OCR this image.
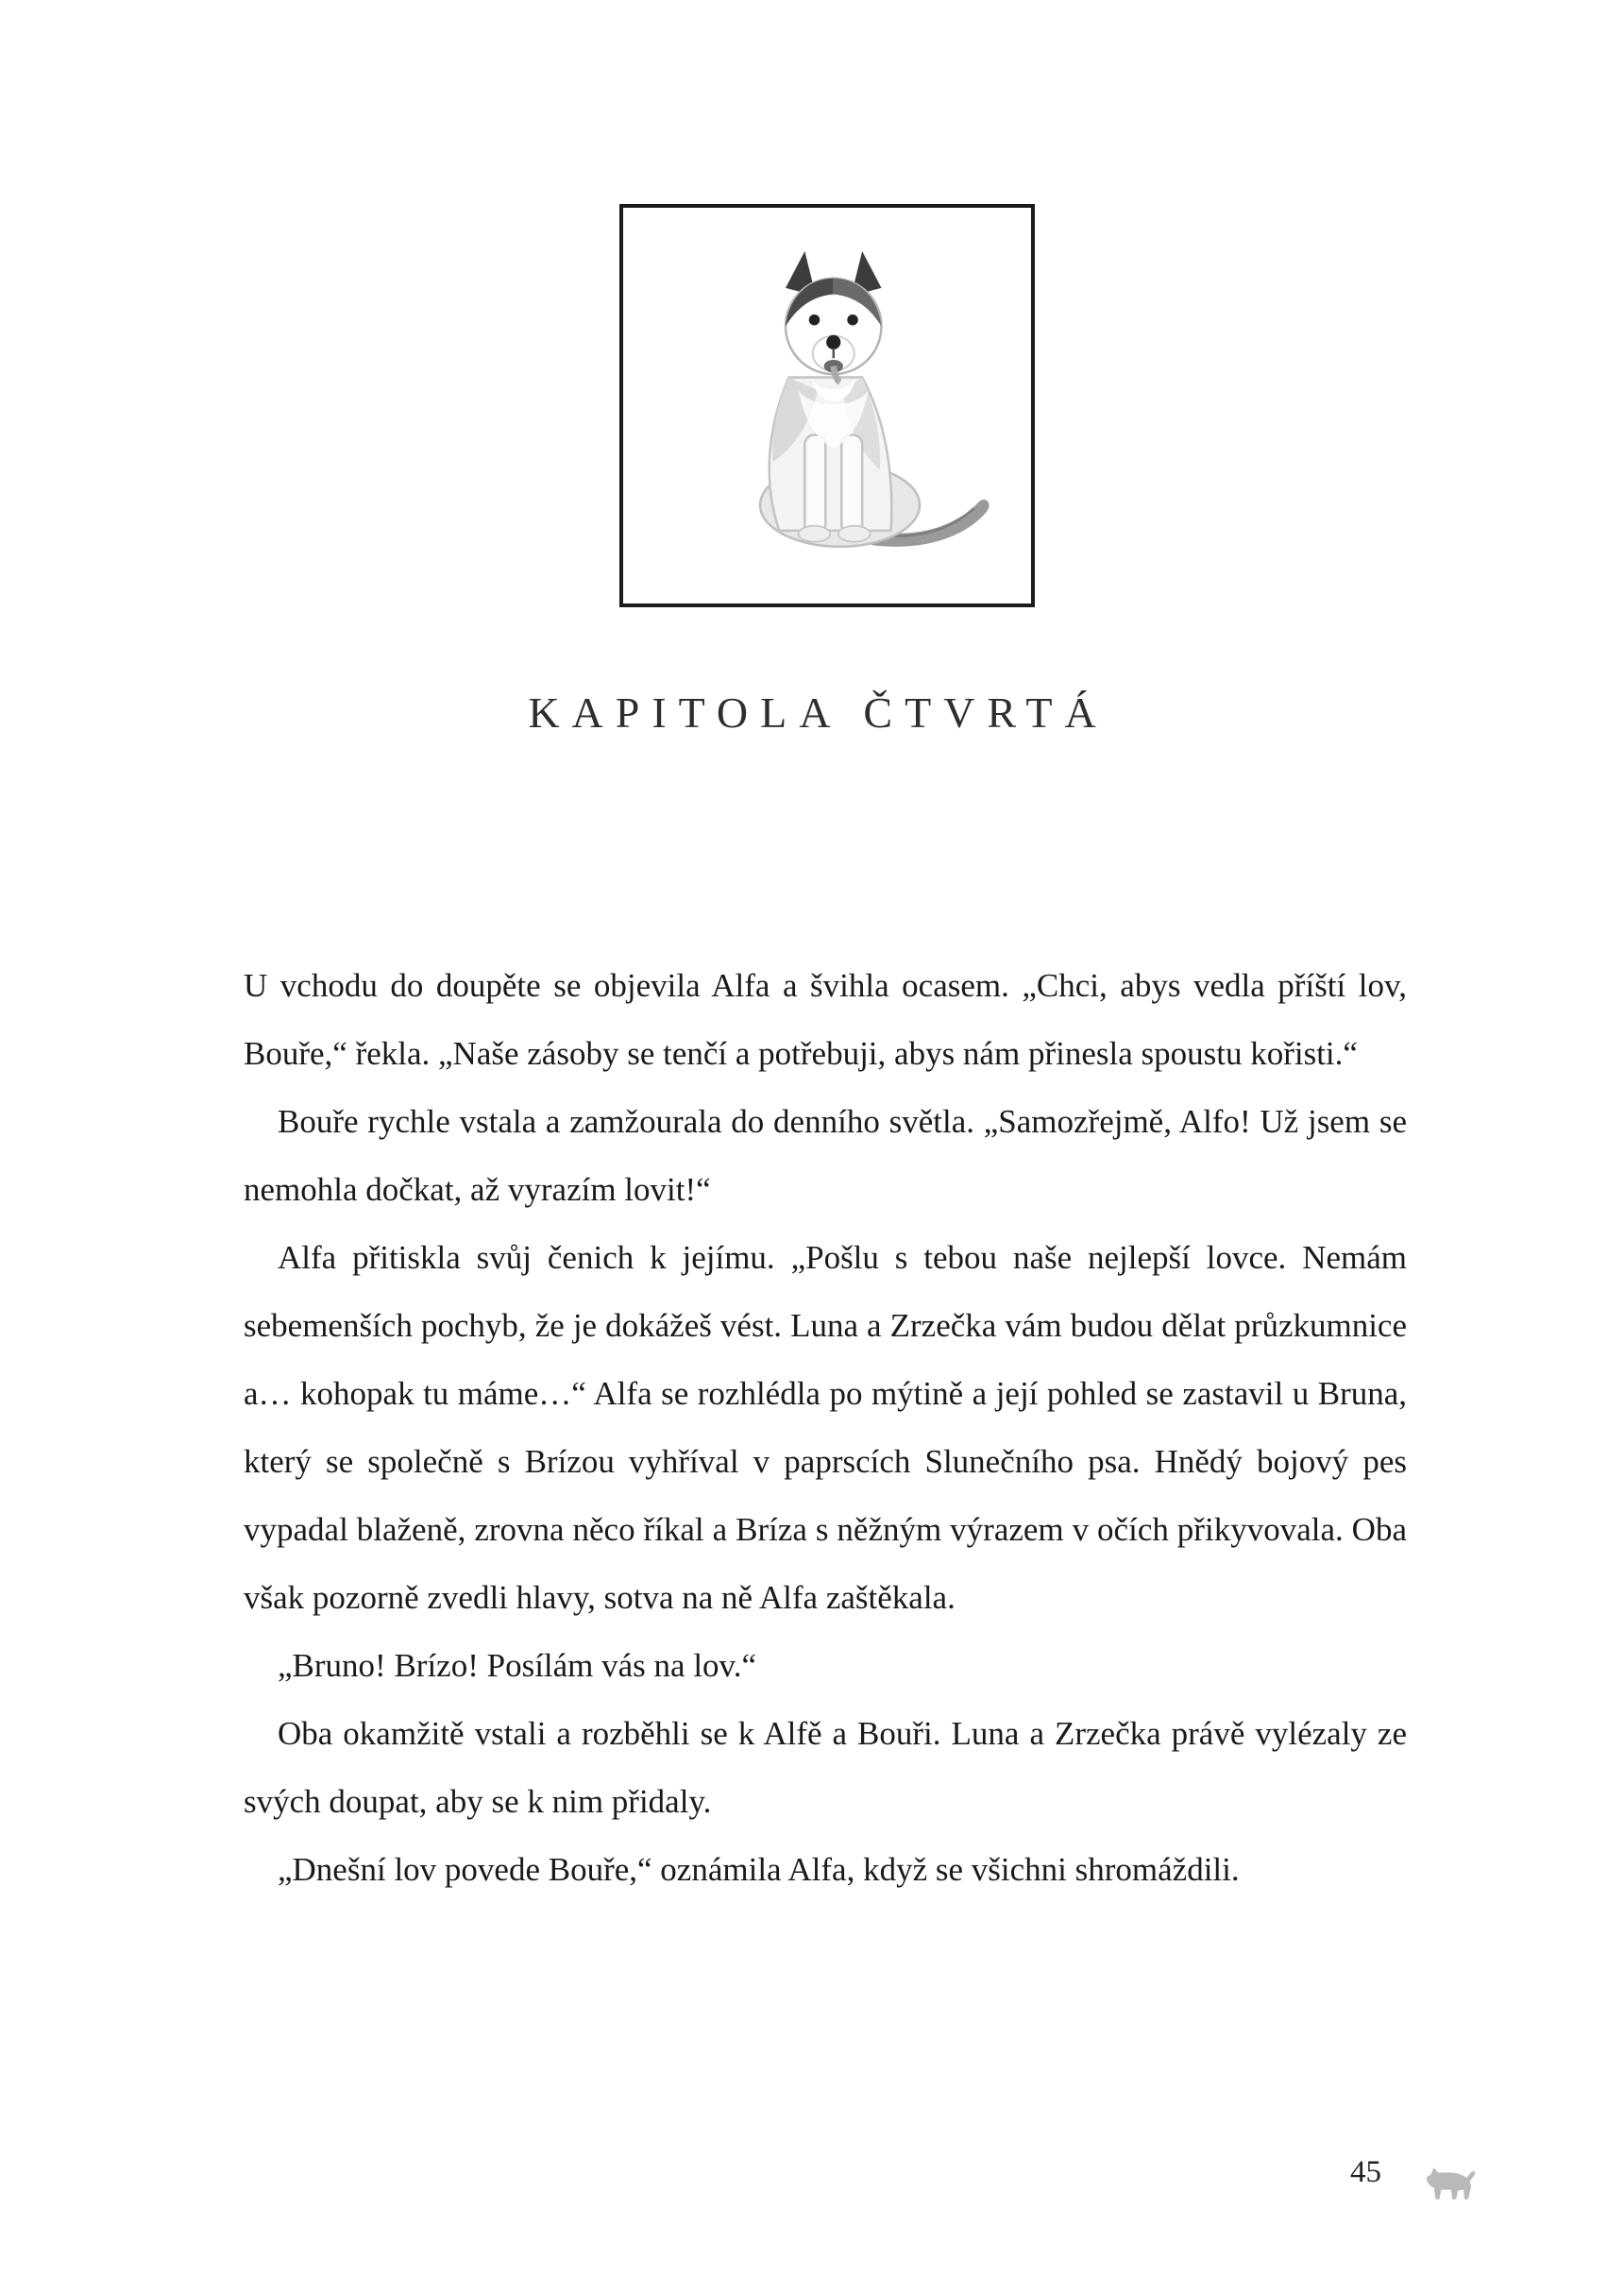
KAPITOLA ČTVRTÁ

U vchodu do doupěte se objevila Alfa a švihla ocasem. „Chci, abys vedla příští lov, Bouře,“ řekla. „Naše zásoby se tenčí a potřebuji, abys nám přinesla spoustu kořisti.“

Bouře rychle vstala a zamžourala do denního světla. „Samozřejmě, Alfo! Už jsem se nemohla dočkat, až vyrazím lovit!“

Alfa přitiskla svůj čenich k jejímu. „Pošlu s tebou naše nejlepší lovce. Nemám sebemenších pochyb, že je dokážeš vést. Luna a Zrzečka vám budou dělat průzkumnice a… kohopak tu máme…“ Alfa se rozhlédla po mýtině a její pohled se zastavil u Bruna, který se společně s Brízou vyhříval v paprscích Slunečního psa. Hnědý bojový pes vypadal blaženě, zrovna něco říkal a Bríza s něžným výrazem v očích přikyvovala. Oba však pozorně zvedli hlavy, sotva na ně Alfa zaštěkala.

„Bruno! Brízo! Posílám vás na lov.“

Oba okamžitě vstali a rozběhli se k Alfě a Bouři. Luna a Zrzečka právě vylézaly ze svých doupat, aby se k nim přidaly.

„Dnešní lov povede Bouře,“ oznámila Alfa, když se všichni shromáždili.

45
